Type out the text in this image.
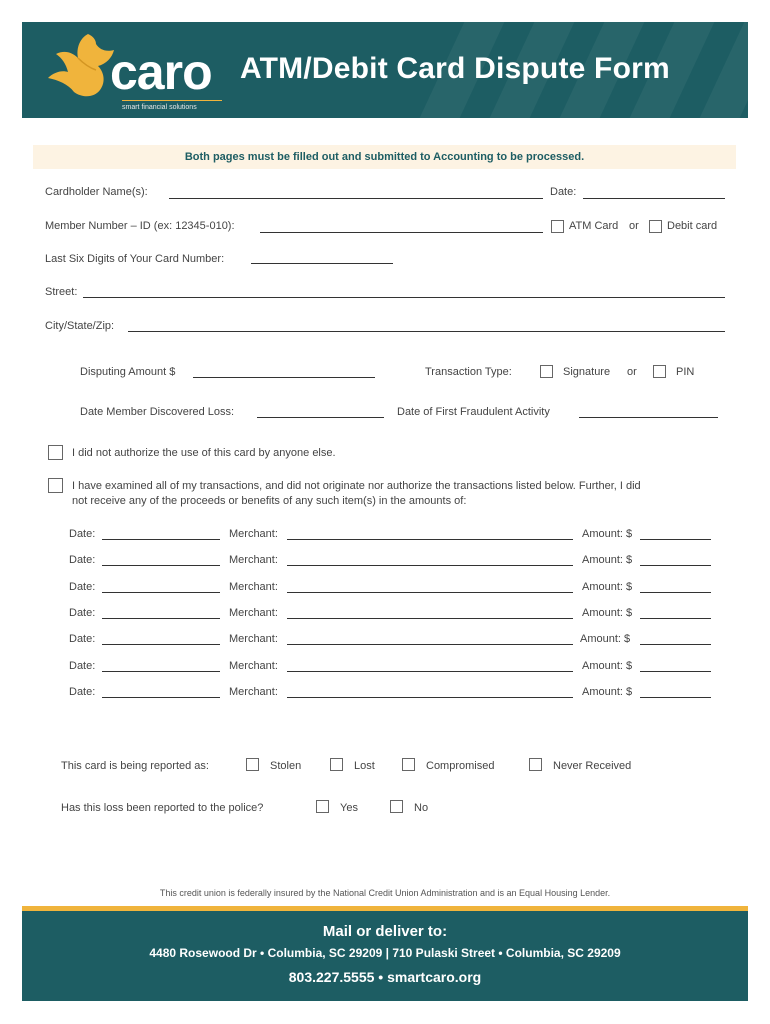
caro
smart financial solutions
ATM/Debit Card Dispute Form
Both pages must be filled out and submitted to Accounting to be processed.
Cardholder Name(s):	Date:
Member Number – ID (ex: 12345-010):	ATM Card or	Debit card
Last Six Digits of Your Card Number:
Street:
City/State/Zip:
Disputing Amount $	Transaction Type:	Signature or	PIN
Date Member Discovered Loss:	Date of First Fraudulent Activity
I did not authorize the use of this card by anyone else.
I have examined all of my transactions, and did not originate nor authorize the transactions listed below. Further, I did
not receive any of the proceeds or benefits of any such item(s) in the amounts of:
Date:	Merchant:	Amount: $
Date:	Merchant:	Amount: $
Date:	Merchant:	Amount: $
Date:	Merchant:	Amount: $
Date:	Merchant:	Amount: $
Date:	Merchant:	Amount: $
Date:	Merchant:	Amount: $
This card is being reported as:	Stolen	Lost	Compromised	Never Received
Has this loss been reported to the police?	Yes	No
This credit union is federally insured by the National Credit Union Administration and is an Equal Housing Lender.
Mail or deliver to:
4480 Rosewood Dr • Columbia, SC 29209 | 710 Pulaski Street • Columbia, SC 29209
803.227.5555 • smartcaro.org
